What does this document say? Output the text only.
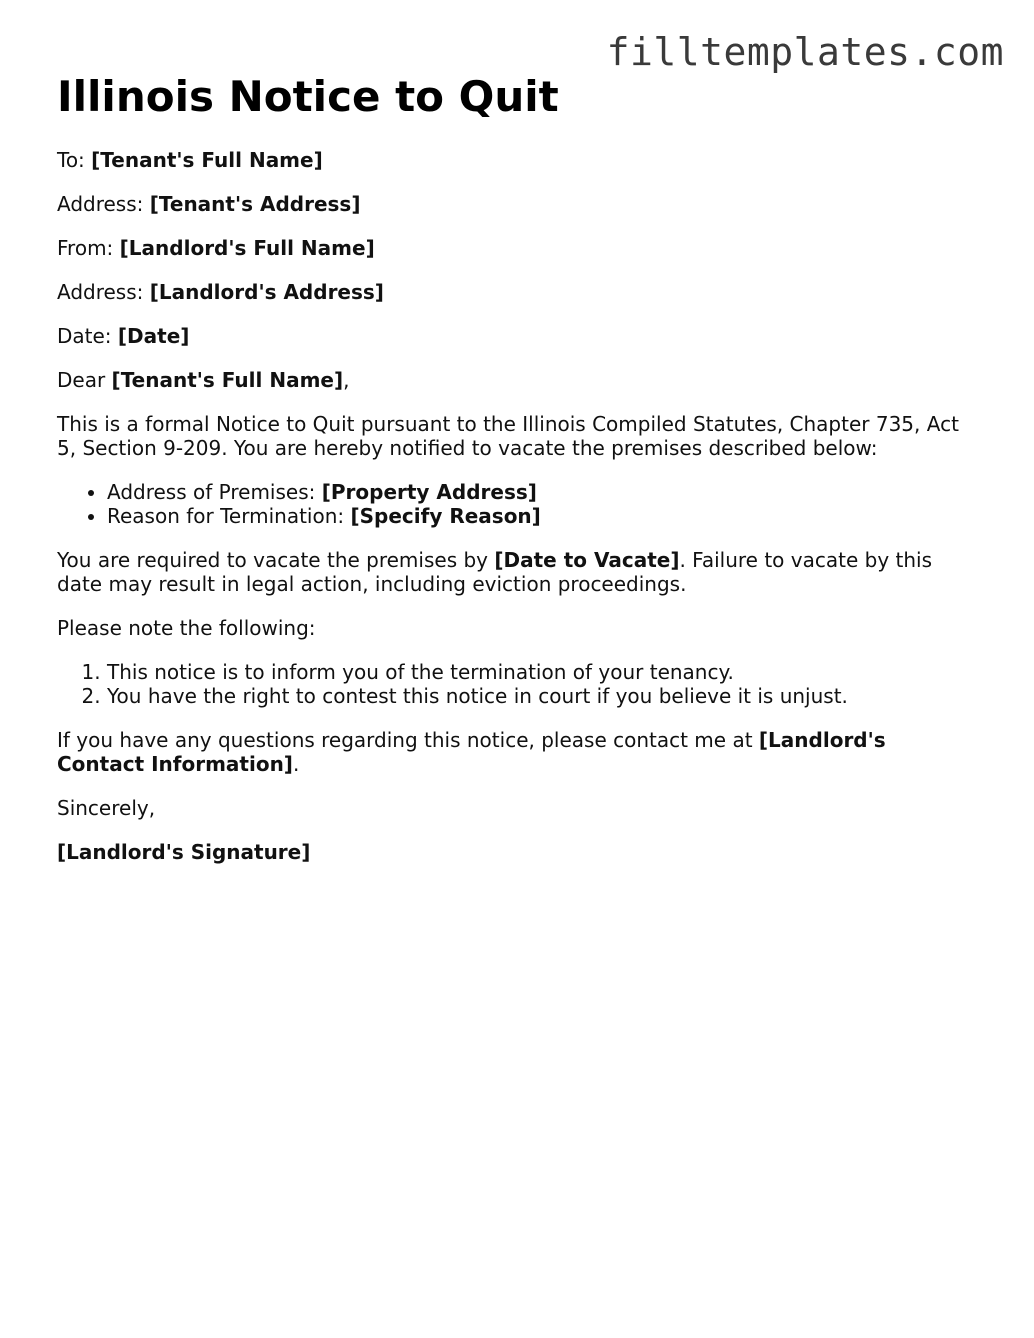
filltemplates.com
Illinois Notice to Quit

To: [Tenant's Full Name]

Address: [Tenant's Address]

From: [Landlord's Full Name]

Address: [Landlord's Address]

Date: [Date]

Dear [Tenant's Full Name],

This is a formal Notice to Quit pursuant to the Illinois Compiled Statutes, Chapter 735, Act 5, Section 9-209. You are hereby notified to vacate the premises described below:

• Address of Premises: [Property Address]
• Reason for Termination: [Specify Reason]

You are required to vacate the premises by [Date to Vacate]. Failure to vacate by this date may result in legal action, including eviction proceedings.

Please note the following:

1. This notice is to inform you of the termination of your tenancy.
2. You have the right to contest this notice in court if you believe it is unjust.

If you have any questions regarding this notice, please contact me at [Landlord's Contact Information].

Sincerely,

[Landlord's Signature]
